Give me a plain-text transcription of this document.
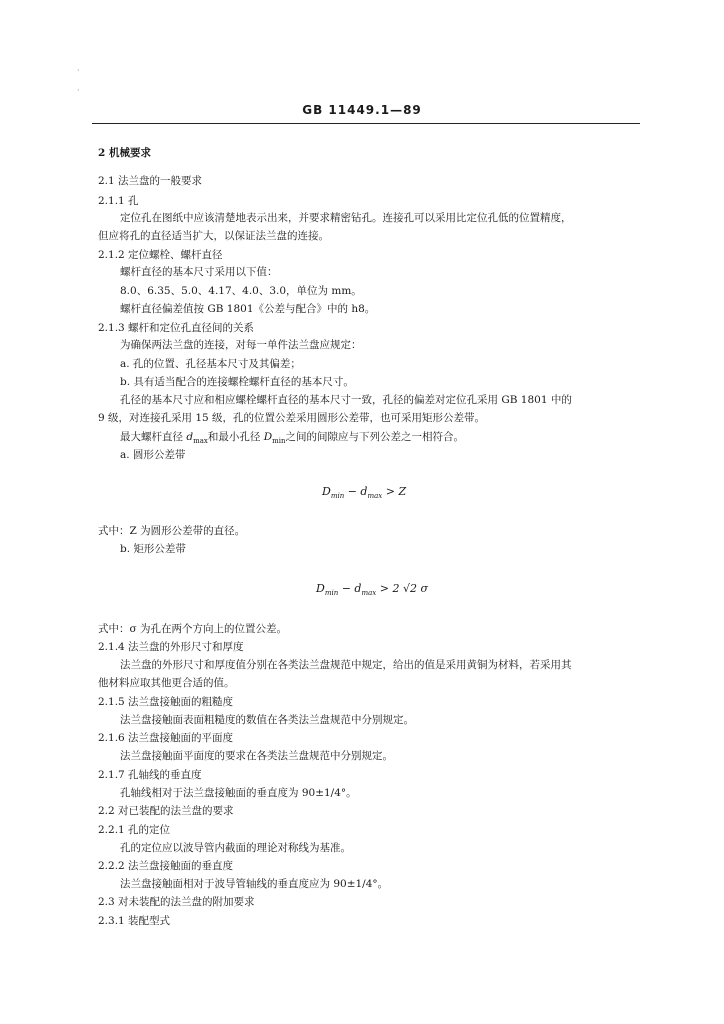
·

·
GB 11449.1—89
2 机械要求
2.1 法兰盘的一般要求
2.1.1 孔
定位孔在图纸中应该清楚地表示出来，并要求精密钻孔。连接孔可以采用比定位孔低的位置精度，
但应将孔的直径适当扩大，以保证法兰盘的连接。
2.1.2 定位螺栓、螺杆直径
螺杆直径的基本尺寸采用以下值：
8.0、6.35、5.0、4.17、4.0、3.0，单位为 mm。
螺杆直径偏差值按 GB 1801《公差与配合》中的 h8。
2.1.3 螺杆和定位孔直径间的关系
为确保两法兰盘的连接，对每一单件法兰盘应规定：
a. 孔的位置、孔径基本尺寸及其偏差；
b. 具有适当配合的连接螺栓螺杆直径的基本尺寸。
孔径的基本尺寸应和相应螺栓螺杆直径的基本尺寸一致，孔径的偏差对定位孔采用 GB 1801 中的
9 级，对连接孔采用 15 级，孔的位置公差采用圆形公差带，也可采用矩形公差带。
最大螺杆直径 $d_{max}$和最小孔径 $D_{min}$之间的间隙应与下列公差之一相符合。
a. 圆形公差带
$D_{min} - d_{max} > Z$
式中：Z 为圆形公差带的直径。
b. 矩形公差带
$D_{min} - d_{max} > 2$ √2 σ
式中：σ 为孔在两个方向上的位置公差。
2.1.4 法兰盘的外形尺寸和厚度
法兰盘的外形尺寸和厚度值分别在各类法兰盘规范中规定，给出的值是采用黄铜为材料，若采用其
他材料应取其他更合适的值。
2.1.5 法兰盘接触面的粗糙度
法兰盘接触面表面粗糙度的数值在各类法兰盘规范中分别规定。
2.1.6 法兰盘接触面的平面度
法兰盘接触面平面度的要求在各类法兰盘规范中分别规定。
2.1.7 孔轴线的垂直度
孔轴线相对于法兰盘接触面的垂直度为 90±1/4°。
2.2 对已装配的法兰盘的要求
2.2.1 孔的定位
孔的定位应以波导管内截面的理论对称线为基准。
2.2.2 法兰盘接触面的垂直度
法兰盘接触面相对于波导管轴线的垂直度应为 90±1/4°。
2.3 对未装配的法兰盘的附加要求
2.3.1 装配型式
